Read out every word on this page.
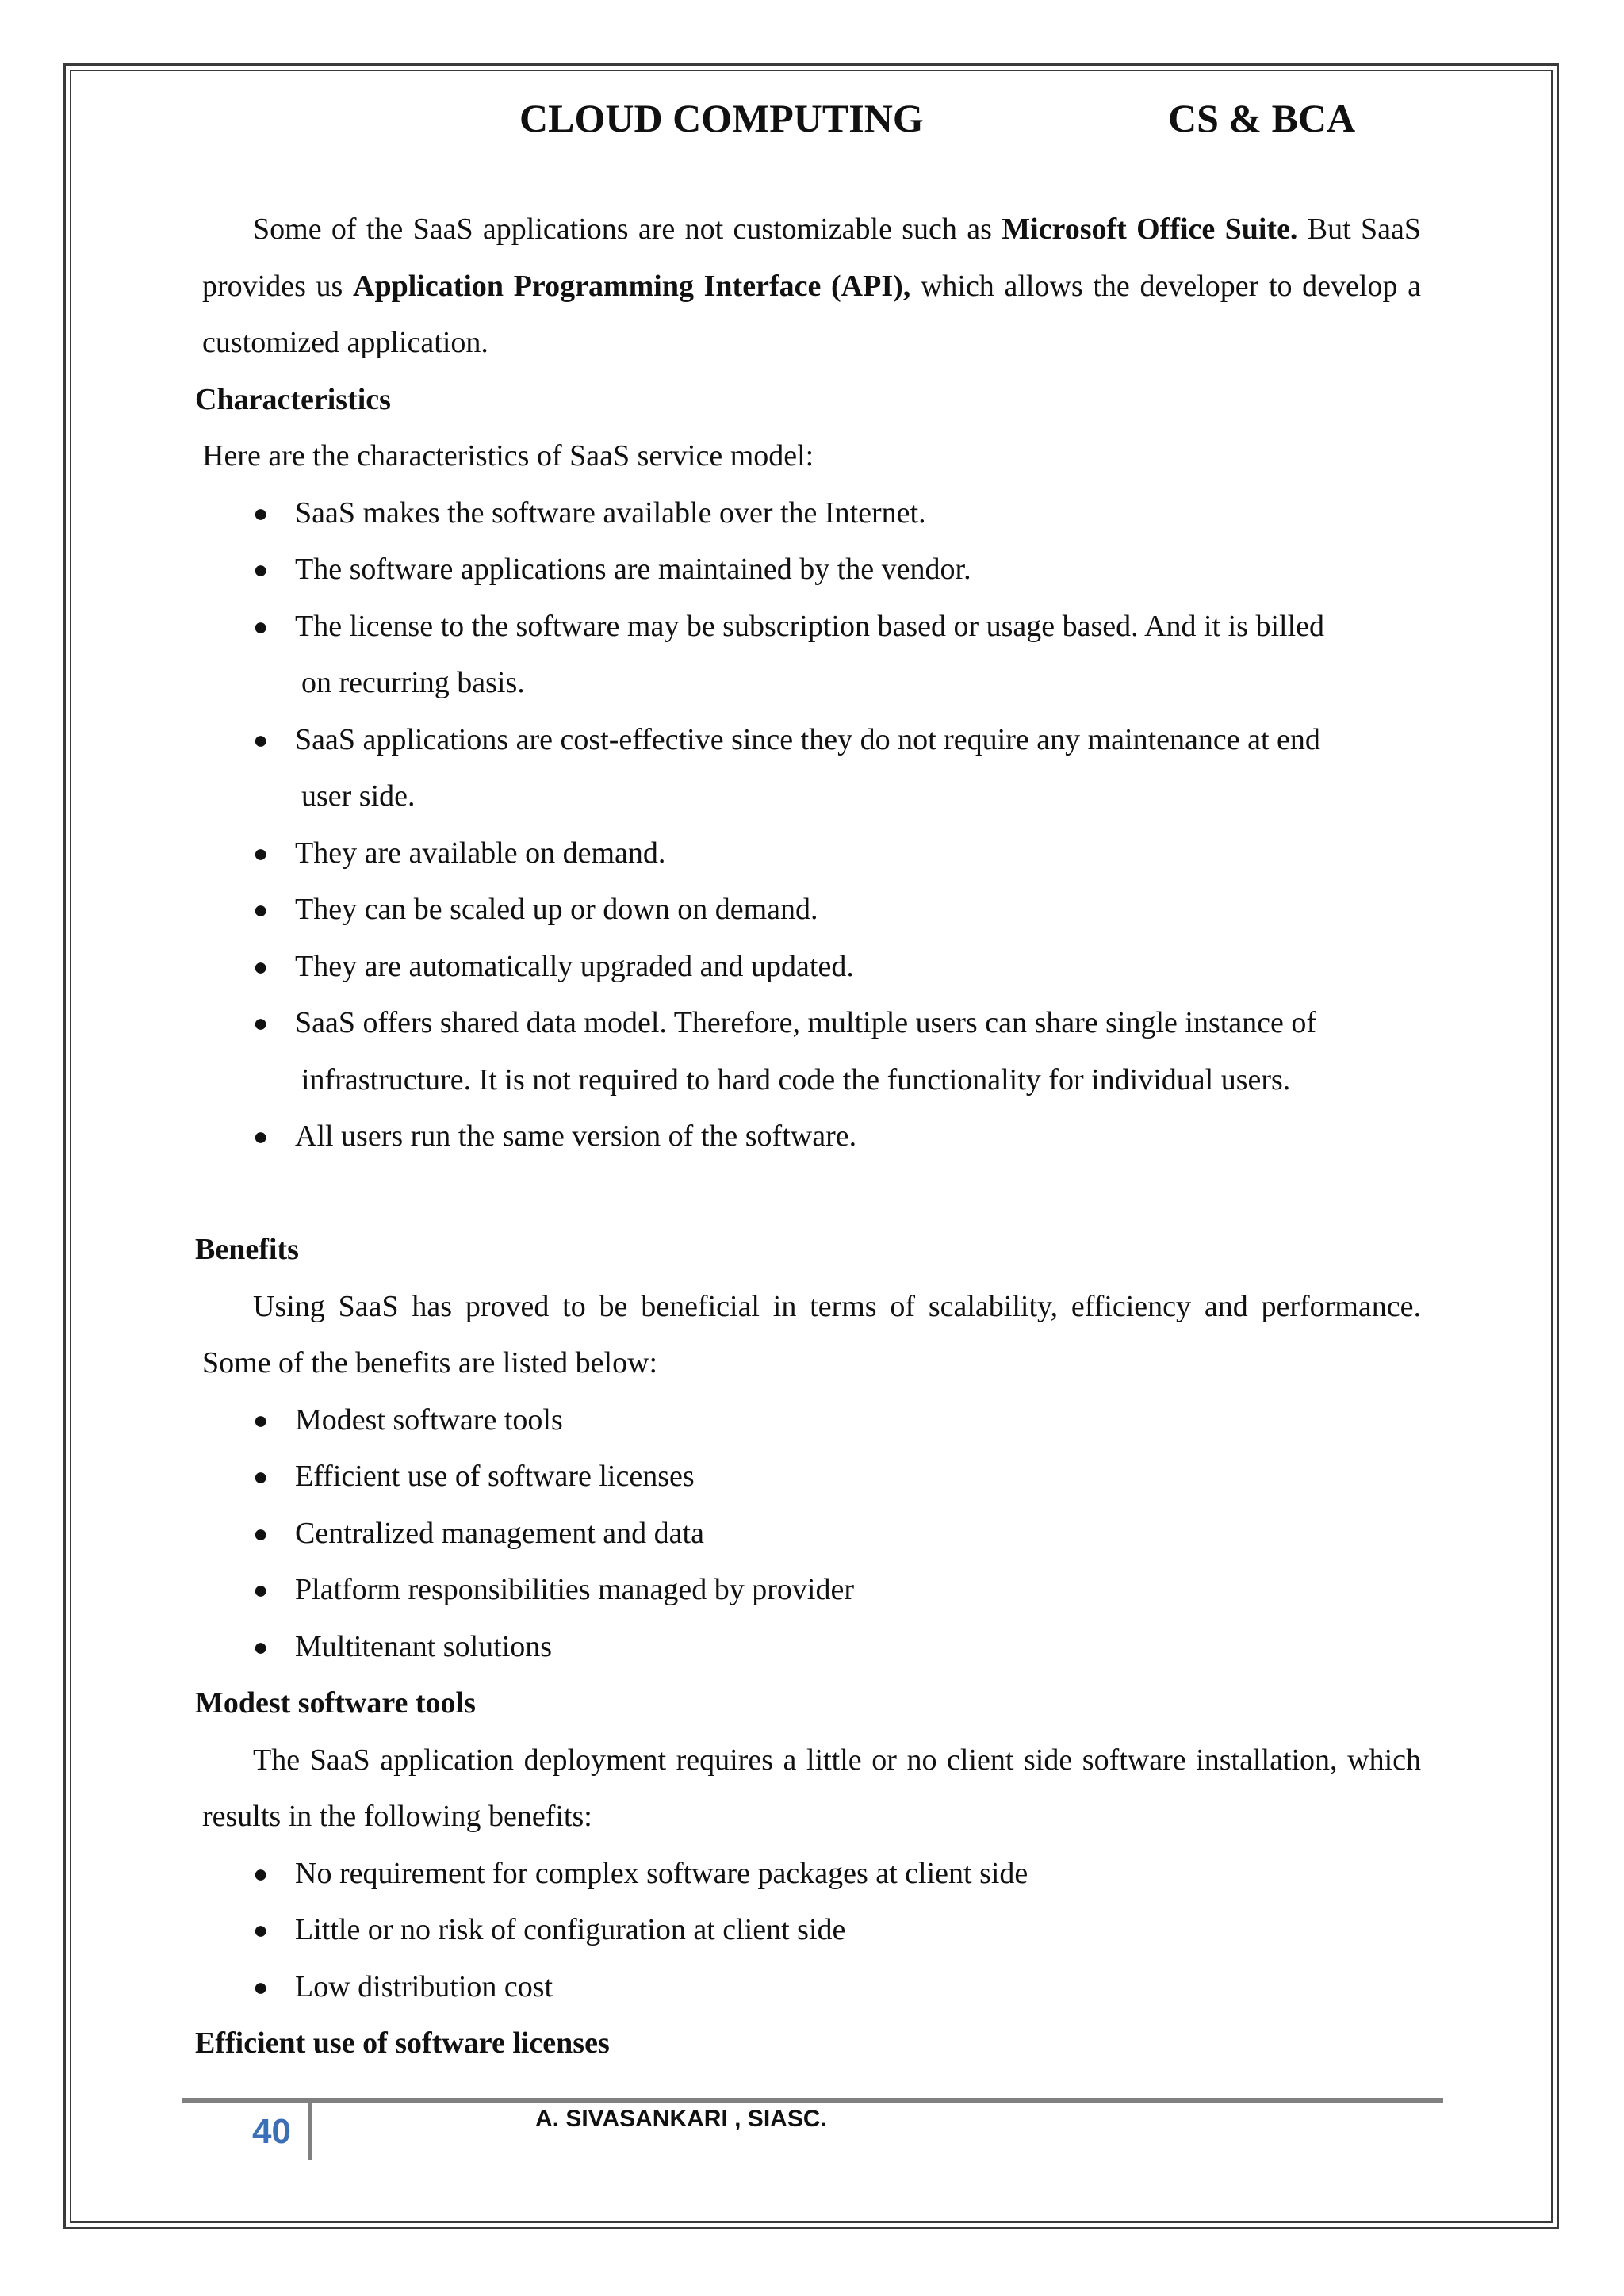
CLOUD COMPUTING	CS & BCA

Some of the SaaS applications are not customizable such as Microsoft Office Suite. But SaaS provides us Application Programming Interface (API), which allows the developer to develop a customized application.

Characteristics

Here are the characteristics of SaaS service model:

● SaaS makes the software available over the Internet.
● The software applications are maintained by the vendor.
● The license to the software may be subscription based or usage based. And it is billed
on recurring basis.
● SaaS applications are cost-effective since they do not require any maintenance at end
user side.
● They are available on demand.
● They can be scaled up or down on demand.
● They are automatically upgraded and updated.
● SaaS offers shared data model. Therefore, multiple users can share single instance of
infrastructure. It is not required to hard code the functionality for individual users.
● All users run the same version of the software.

Benefits

Using SaaS has proved to be beneficial in terms of scalability, efficiency and performance. Some of the benefits are listed below:

● Modest software tools
● Efficient use of software licenses
● Centralized management and data
● Platform responsibilities managed by provider
● Multitenant solutions

Modest software tools

The SaaS application deployment requires a little or no client side software installation, which results in the following benefits:

● No requirement for complex software packages at client side
● Little or no risk of configuration at client side
● Low distribution cost

Efficient use of software licenses

40	A. SIVASANKARI , SIASC.
